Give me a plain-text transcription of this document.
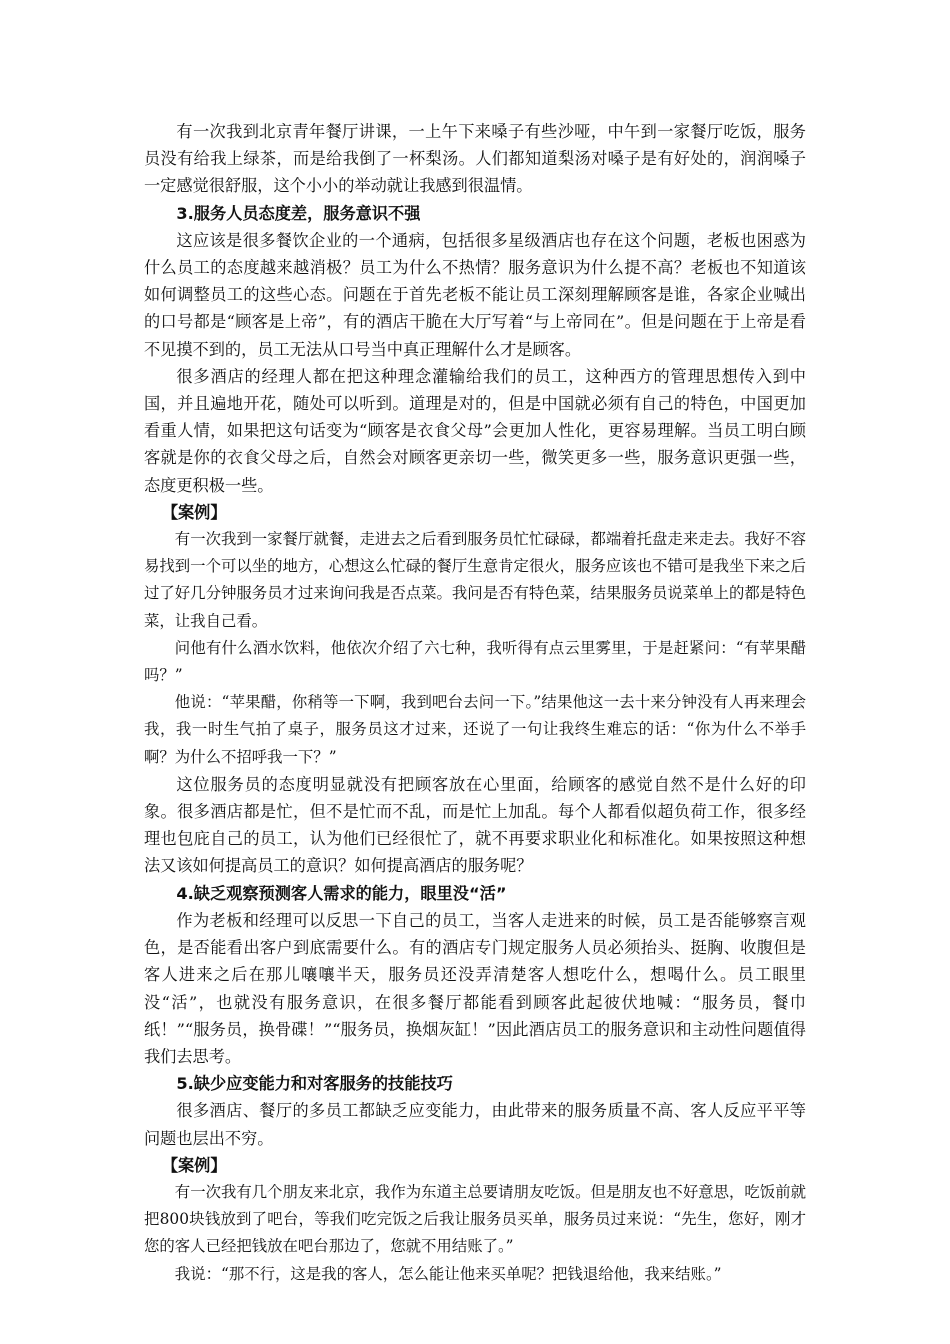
有一次我到北京青年餐厅讲课，一上午下来嗓子有些沙哑，中午到一家餐厅吃饭，服务员没有给我上绿茶，而是给我倒了一杯梨汤。人们都知道梨汤对嗓子是有好处的，润润嗓子一定感觉很舒服，这个小小的举动就让我感到很温情。

3.服务人员态度差，服务意识不强

这应该是很多餐饮企业的一个通病，包括很多星级酒店也存在这个问题，老板也困惑为什么员工的态度越来越消极？员工为什么不热情？服务意识为什么提不高？老板也不知道该如何调整员工的这些心态。问题在于首先老板不能让员工深刻理解顾客是谁，各家企业喊出的口号都是“顾客是上帝”，有的酒店干脆在大厅写着“与上帝同在”。但是问题在于上帝是看不见摸不到的，员工无法从口号当中真正理解什么才是顾客。

很多酒店的经理人都在把这种理念灌输给我们的员工，这种西方的管理思想传入到中国，并且遍地开花，随处可以听到。道理是对的，但是中国就必须有自己的特色，中国更加看重人情，如果把这句话变为“顾客是衣食父母”会更加人性化，更容易理解。当员工明白顾客就是你的衣食父母之后，自然会对顾客更亲切一些，微笑更多一些，服务意识更强一些，态度更积极一些。

【案例】

有一次我到一家餐厅就餐，走进去之后看到服务员忙忙碌碌，都端着托盘走来走去。我好不容易找到一个可以坐的地方，心想这么忙碌的餐厅生意肯定很火，服务应该也不错可是我坐下来之后过了好几分钟服务员才过来询问我是否点菜。我问是否有特色菜，结果服务员说菜单上的都是特色菜，让我自己看。

问他有什么酒水饮料，他依次介绍了六七种，我听得有点云里雾里，于是赶紧问：“有苹果醋吗？”

他说：“苹果醋，你稍等一下啊，我到吧台去问一下。”结果他这一去十来分钟没有人再来理会我，我一时生气拍了桌子，服务员这才过来，还说了一句让我终生难忘的话：“你为什么不举手啊？为什么不招呼我一下？”

这位服务员的态度明显就没有把顾客放在心里面，给顾客的感觉自然不是什么好的印象。很多酒店都是忙，但不是忙而不乱，而是忙上加乱。每个人都看似超负荷工作，很多经理也包庇自己的员工，认为他们已经很忙了，就不再要求职业化和标准化。如果按照这种想法又该如何提高员工的意识？如何提高酒店的服务呢？

4.缺乏观察预测客人需求的能力，眼里没“活”

作为老板和经理可以反思一下自己的员工，当客人走进来的时候，员工是否能够察言观色，是否能看出客户到底需要什么。有的酒店专门规定服务人员必须抬头、挺胸、收腹但是客人进来之后在那儿嚷嚷半天，服务员还没弄清楚客人想吃什么，想喝什么。员工眼里没“活”，也就没有服务意识，在很多餐厅都能看到顾客此起彼伏地喊：“服务员，餐巾纸！”“服务员，换骨碟！”“服务员，换烟灰缸！”因此酒店员工的服务意识和主动性问题值得我们去思考。

5.缺少应变能力和对客服务的技能技巧

很多酒店、餐厅的多员工都缺乏应变能力，由此带来的服务质量不高、客人反应平平等问题也层出不穷。

【案例】

有一次我有几个朋友来北京，我作为东道主总要请朋友吃饭。但是朋友也不好意思，吃饭前就把800块钱放到了吧台，等我们吃完饭之后我让服务员买单，服务员过来说：“先生，您好，刚才您的客人已经把钱放在吧台那边了，您就不用结账了。”

我说：“那不行，这是我的客人，怎么能让他来买单呢？把钱退给他，我来结账。”
